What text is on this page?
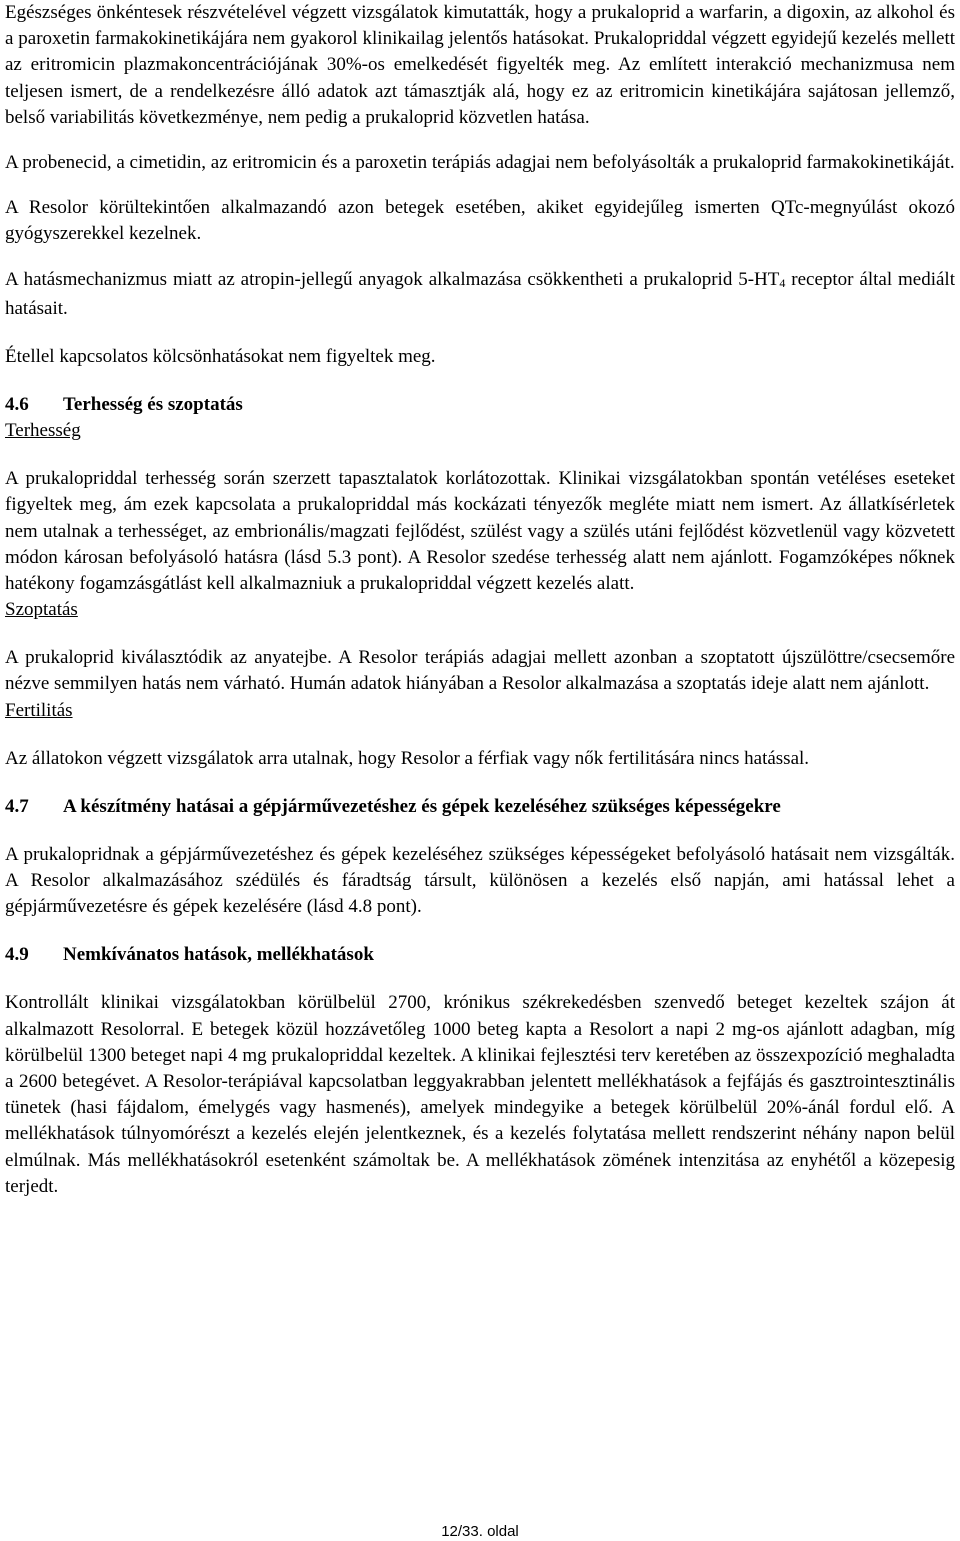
Egészséges önkéntesek részvételével végzett vizsgálatok kimutatták, hogy a prukaloprid a warfarin, a digoxin, az alkohol és a paroxetin farmakokinetikájára nem gyakorol klinikailag jelentős hatásokat. Prukalopriddal végzett egyidejű kezelés mellett az eritromicin plazmakoncentrációjának 30%-os emelkedését figyelték meg. Az említett interakció mechanizmusa nem teljesen ismert, de a rendelkezésre álló adatok azt támasztják alá, hogy ez az eritromicin kinetikájára sajátosan jellemző, belső variabilitás következménye, nem pedig a prukaloprid közvetlen hatása.

A probenecid, a cimetidin, az eritromicin és a paroxetin terápiás adagjai nem befolyásolták a prukaloprid farmakokinetikáját.

A Resolor körültekintően alkalmazandó azon betegek esetében, akiket egyidejűleg ismerten QTc-megnyúlást okozó gyógyszerekkel kezelnek.

A hatásmechanizmus miatt az atropin-jellegű anyagok alkalmazása csökkentheti a prukaloprid $5-HT_4$ receptor által mediált hatásait.

Étellel kapcsolatos kölcsönhatásokat nem figyeltek meg.

4.6 Terhesség és szoptatás

Terhesség

A prukalopriddal terhesség során szerzett tapasztalatok korlátozottak. Klinikai vizsgálatokban spontán vetéléses eseteket figyeltek meg, ám ezek kapcsolata a prukalopriddal más kockázati tényezők megléte miatt nem ismert. Az állatkísérletek nem utalnak a terhességet, az embrionális/magzati fejlődést, szülést vagy a szülés utáni fejlődést közvetlenül vagy közvetett módon károsan befolyásoló hatásra (lásd 5.3 pont). A Resolor szedése terhesség alatt nem ajánlott. Fogamzóképes nőknek hatékony fogamzásgátlást kell alkalmazniuk a prukalopriddal végzett kezelés alatt.

Szoptatás

A prukaloprid kiválasztódik az anyatejbe. A Resolor terápiás adagjai mellett azonban a szoptatott újszülöttre/csecsemőre nézve semmilyen hatás nem várható. Humán adatok hiányában a Resolor alkalmazása a szoptatás ideje alatt nem ajánlott.

Fertilitás

Az állatokon végzett vizsgálatok arra utalnak, hogy Resolor a férfiak vagy nők fertilitására nincs hatással.

4.7 A készítmény hatásai a gépjárművezetéshez és gépek kezeléséhez szükséges képességekre

A prukalopridnak a gépjárművezetéshez és gépek kezeléséhez szükséges képességeket befolyásoló hatásait nem vizsgálták. A Resolor alkalmazásához szédülés és fáradtság társult, különösen a kezelés első napján, ami hatással lehet a gépjárművezetésre és gépek kezelésére (lásd 4.8 pont).

4.9 Nemkívánatos hatások, mellékhatások

Kontrollált klinikai vizsgálatokban körülbelül 2700, krónikus székrekedésben szenvedő beteget kezeltek szájon át alkalmazott Resolorral. E betegek közül hozzávetőleg 1000 beteg kapta a Resolort a napi 2 mg-os ajánlott adagban, míg körülbelül 1300 beteget napi 4 mg prukalopriddal kezeltek. A klinikai fejlesztési terv keretében az összexpozíció meghaladta a 2600 betegévet. A Resolor-terápiával kapcsolatban leggyakrabban jelentett mellékhatások a fejfájás és gasztrointesztinális tünetek (hasi fájdalom, émelygés vagy hasmenés), amelyek mindegyike a betegek körülbelül 20%-ánál fordul elő. A mellékhatások túlnyomórészt a kezelés elején jelentkeznek, és a kezelés folytatása mellett rendszerint néhány napon belül elmúlnak. Más mellékhatásokról esetenként számoltak be. A mellékhatások zömének intenzitása az enyhétől a közepesig terjedt.

12/33. oldal
